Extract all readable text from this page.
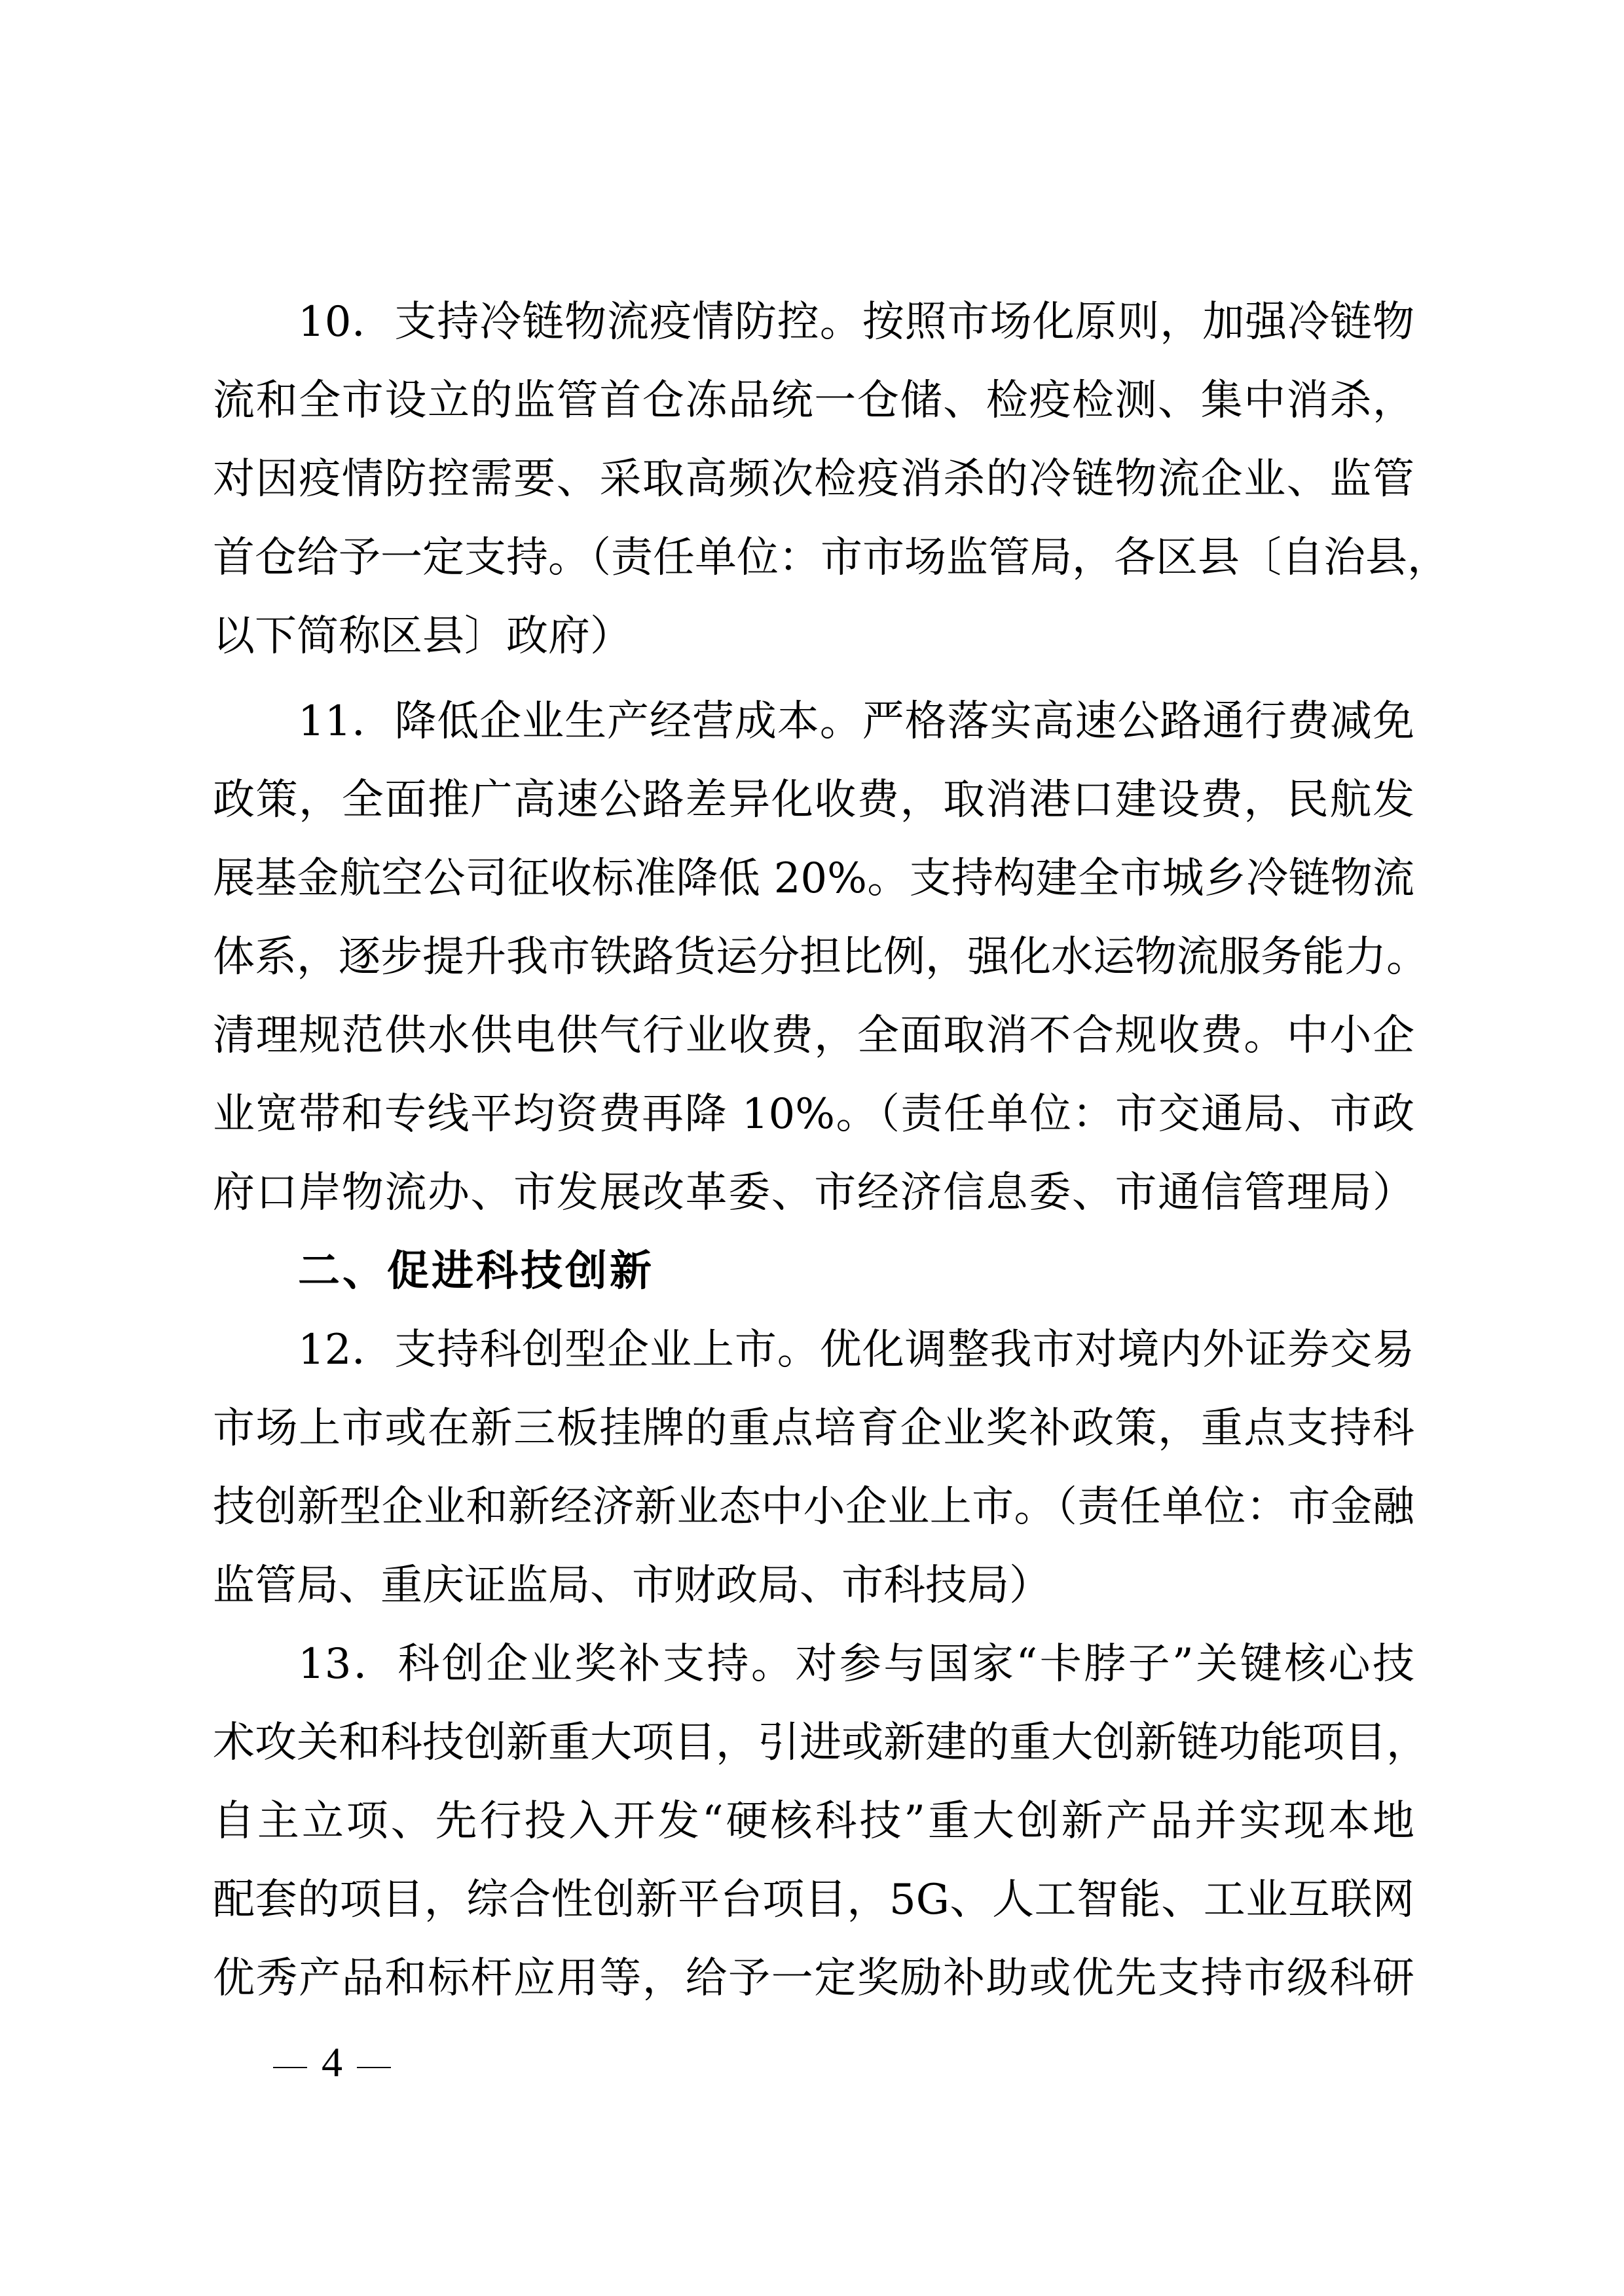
10．支持冷链物流疫情防控。按照市场化原则，加强冷链物
流和全市设立的监管首仓冻品统一仓储、检疫检测、集中消杀，
对因疫情防控需要、采取高频次检疫消杀的冷链物流企业、监管
首仓给予一定支持。（责任单位：市市场监管局，各区县〔自治县，
以下简称区县〕政府）
11．降低企业生产经营成本。严格落实高速公路通行费减免
政策，全面推广高速公路差异化收费，取消港口建设费，民航发
展基金航空公司征收标准降低 20%。支持构建全市城乡冷链物流
体系，逐步提升我市铁路货运分担比例，强化水运物流服务能力。
清理规范供水供电供气行业收费，全面取消不合规收费。中小企
业宽带和专线平均资费再降 10%。（责任单位：市交通局、市政
府口岸物流办、市发展改革委、市经济信息委、市通信管理局）
二、促进科技创新
12．支持科创型企业上市。优化调整我市对境内外证券交易
市场上市或在新三板挂牌的重点培育企业奖补政策，重点支持科
技创新型企业和新经济新业态中小企业上市。（责任单位：市金融
监管局、重庆证监局、市财政局、市科技局）
13．科创企业奖补支持。对参与国家“卡脖子”关键核心技
术攻关和科技创新重大项目，引进或新建的重大创新链功能项目，
自主立项、先行投入开发“硬核科技”重大创新产品并实现本地
配套的项目，综合性创新平台项目，5G、人工智能、工业互联网
优秀产品和标杆应用等，给予一定奖励补助或优先支持市级科研
4
